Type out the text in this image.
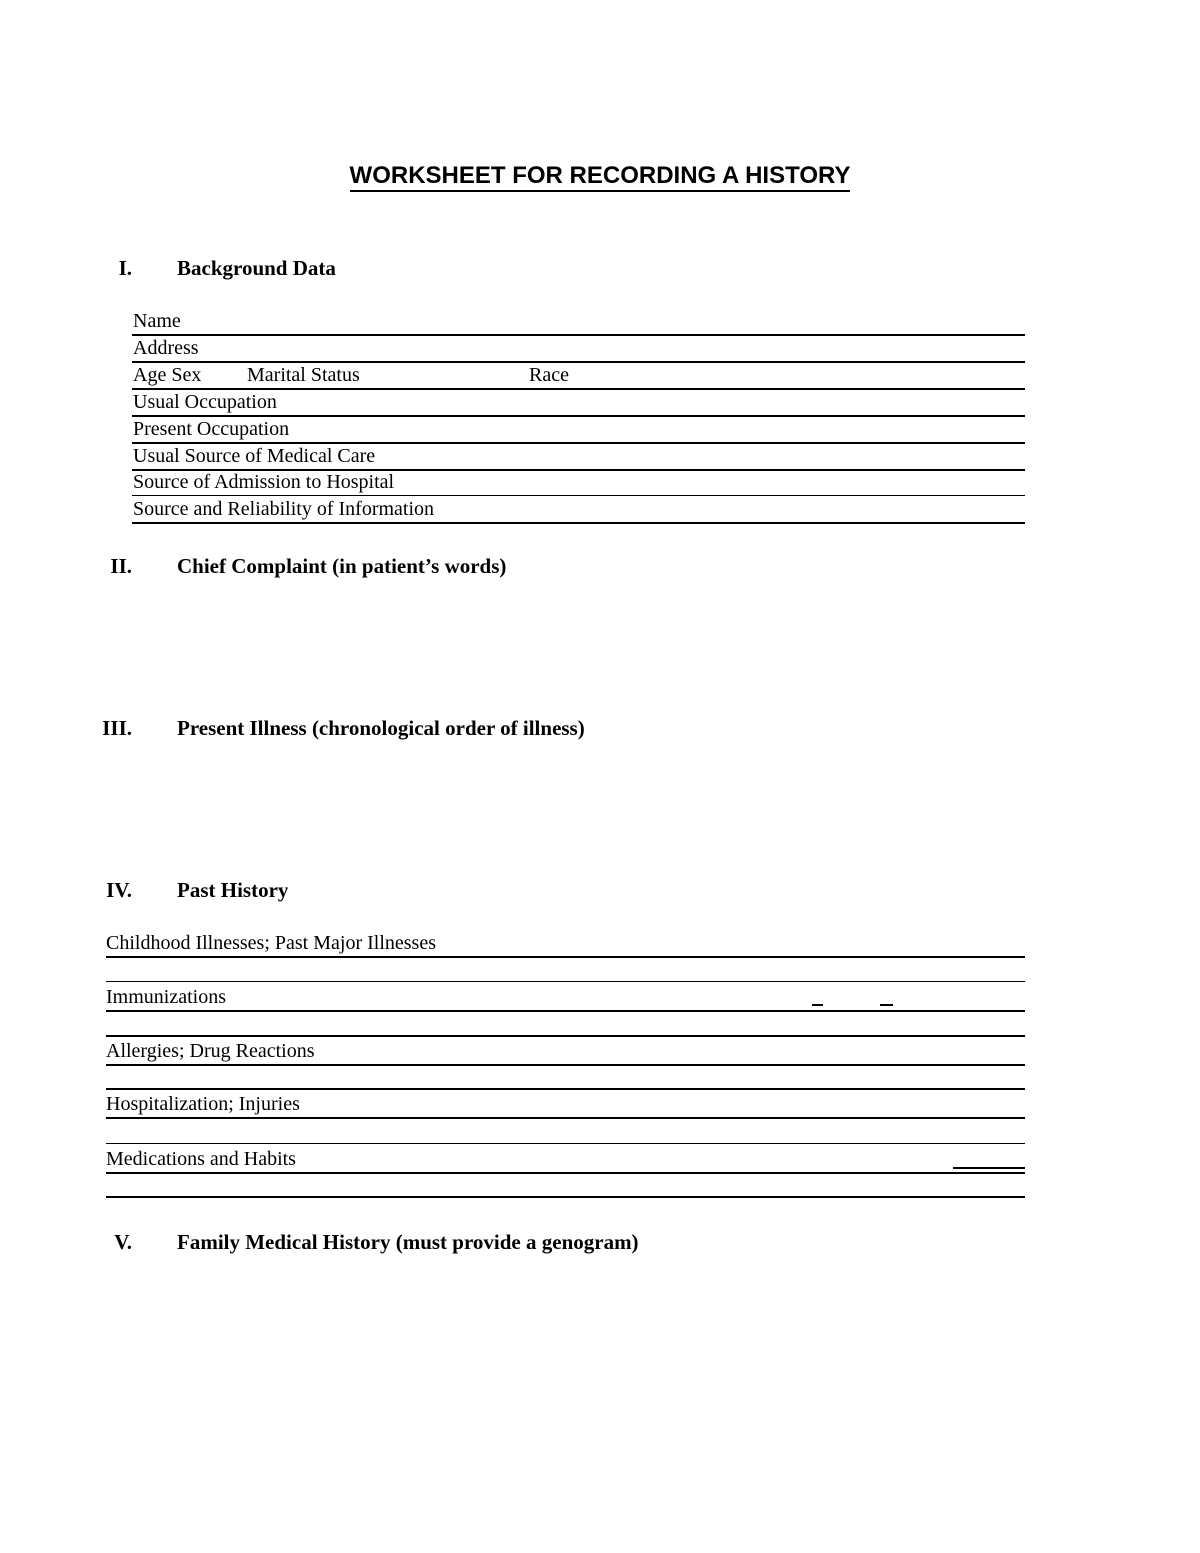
WORKSHEET FOR RECORDING A HISTORY
I. Background Data
Name
Address
Age Sex Marital Status	Race
Usual Occupation
Present Occupation
Usual Source of Medical Care
Source of Admission to Hospital
Source and Reliability of Information
II. Chief Complaint (in patient’s words)
III. Present Illness (chronological order of illness)
IV. Past History
Childhood Illnesses; Past Major Illnesses
Immunizations
Allergies; Drug Reactions
Hospitalization; Injuries
Medications and Habits
V. Family Medical History (must provide a genogram)
